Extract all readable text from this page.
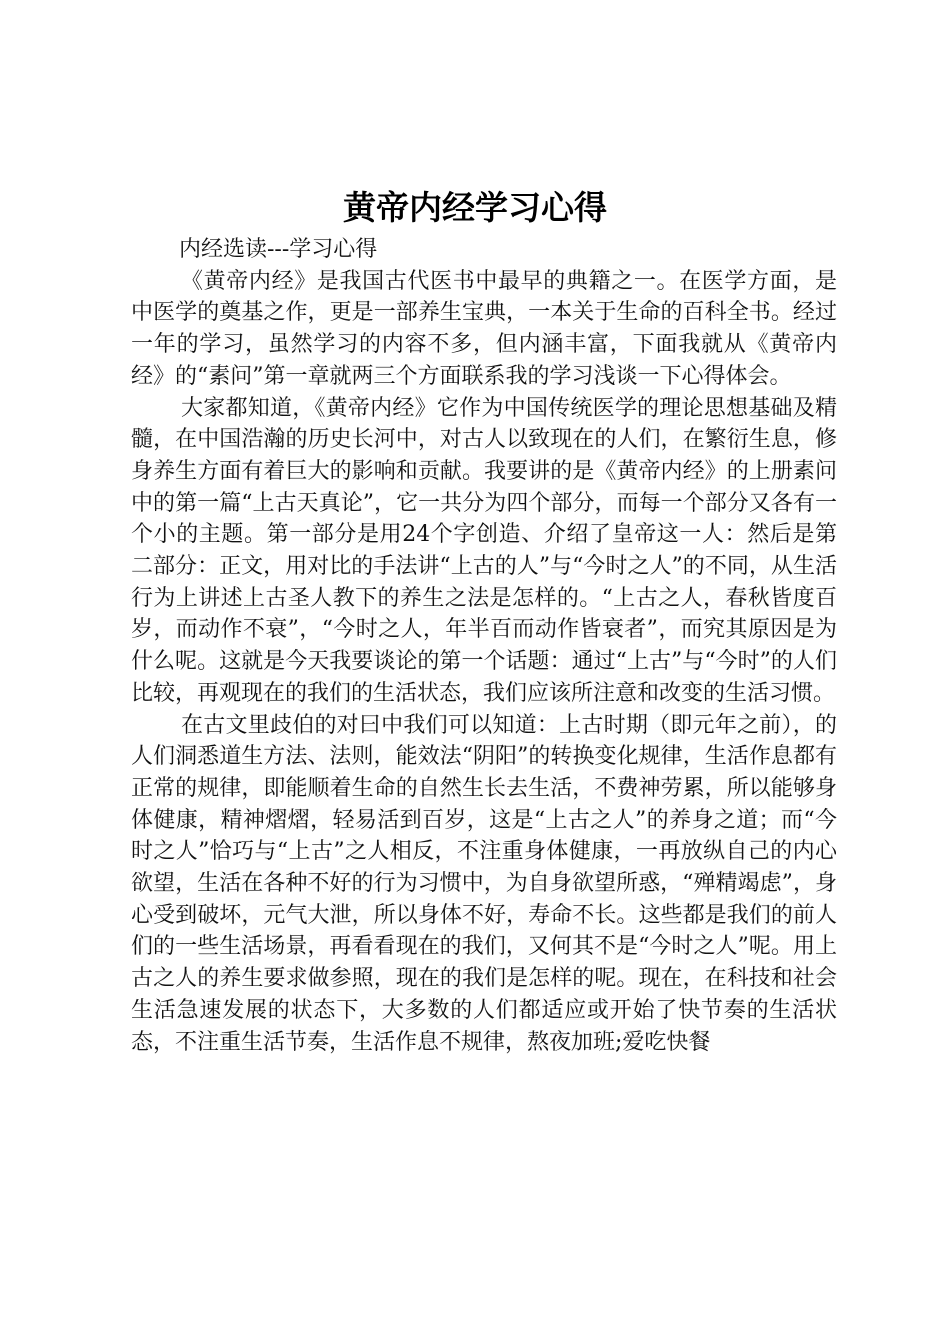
黄帝内经学习心得

内经选读---学习心得

《黄帝内经》是我国古代医书中最早的典籍之一。在医学方面，是中医学的奠基之作，更是一部养生宝典，一本关于生命的百科全书。经过一年的学习，虽然学习的内容不多，但内涵丰富，下面我就从《黄帝内经》的“素问”第一章就两三个方面联系我的学习浅谈一下心得体会。

大家都知道，《黄帝内经》它作为中国传统医学的理论思想基础及精髓，在中国浩瀚的历史长河中，对古人以致现在的人们，在繁衍生息，修身养生方面有着巨大的影响和贡献。我要讲的是《黄帝内经》的上册素问中的第一篇“上古天真论”，它一共分为四个部分，而每一个部分又各有一个小的主题。第一部分是用24个字创造、介绍了皇帝这一人：然后是第二部分：正文，用对比的手法讲“上古的人”与“今时之人”的不同，从生活行为上讲述上古圣人教下的养生之法是怎样的。“上古之人，春秋皆度百岁，而动作不衰”，“今时之人，年半百而动作皆衰者”，而究其原因是为什么呢。这就是今天我要谈论的第一个话题：通过“上古”与“今时”的人们比较，再观现在的我们的生活状态，我们应该所注意和改变的生活习惯。

在古文里歧伯的对曰中我们可以知道：上古时期（即元年之前），的人们洞悉道生方法、法则，能效法“阴阳”的转换变化规律，生活作息都有正常的规律，即能顺着生命的自然生长去生活，不费神劳累，所以能够身体健康，精神熠熠，轻易活到百岁，这是“上古之人”的养身之道；而“今时之人”恰巧与“上古”之人相反，不注重身体健康，一再放纵自己的内心欲望，生活在各种不好的行为习惯中，为自身欲望所惑，“殚精竭虑”，身心受到破坏，元气大泄，所以身体不好，寿命不长。这些都是我们的前人们的一些生活场景，再看看现在的我们，又何其不是“今时之人”呢。用上古之人的养生要求做参照，现在的我们是怎样的呢。现在，在科技和社会生活急速发展的状态下，大多数的人们都适应或开始了快节奏的生活状态，不注重生活节奏，生活作息不规律，熬夜加班;爱吃快餐
